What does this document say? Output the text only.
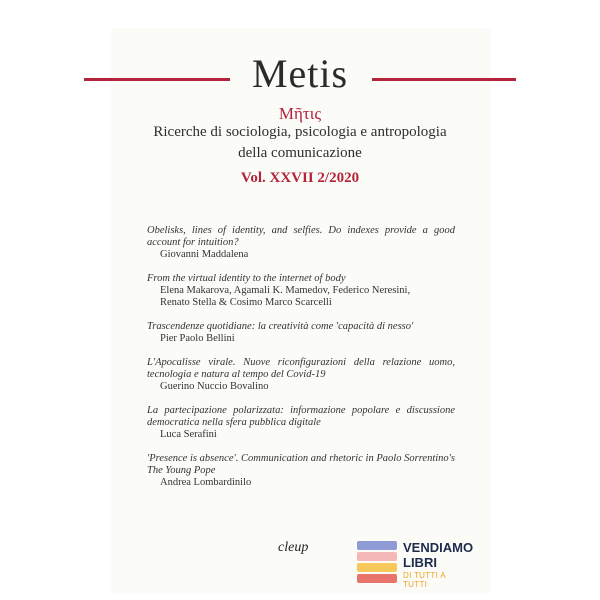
Metis
Μῆτις
Ricerche di sociologia, psicologia e antropologia
della comunicazione
Vol. XXVII 2/2020
Obelisks, lines of identity, and selfies. Do indexes provide a good account for intuition?
Giovanni Maddalena
From the virtual identity to the internet of body
Elena Makarova, Agamali K. Mamedov, Federico Neresini,
Renato Stella & Cosimo Marco Scarcelli
Trascendenze quotidiane: la creatività come 'capacità di nesso'
Pier Paolo Bellini
L'Apocalisse virale. Nuove riconfigurazioni della relazione uomo, tecnologia e natura al tempo del Covid-19
Guerino Nuccio Bovalino
La partecipazione polarizzata: informazione popolare e discussione democratica nella sfera pubblica digitale
Luca Serafini
'Presence is absence'. Communication and rhetoric in Paolo Sorrentino's The Young Pope
Andrea Lombardinilo
cleup	VENDIAMO
LIBRI
DI TUTTI A TUTTI
